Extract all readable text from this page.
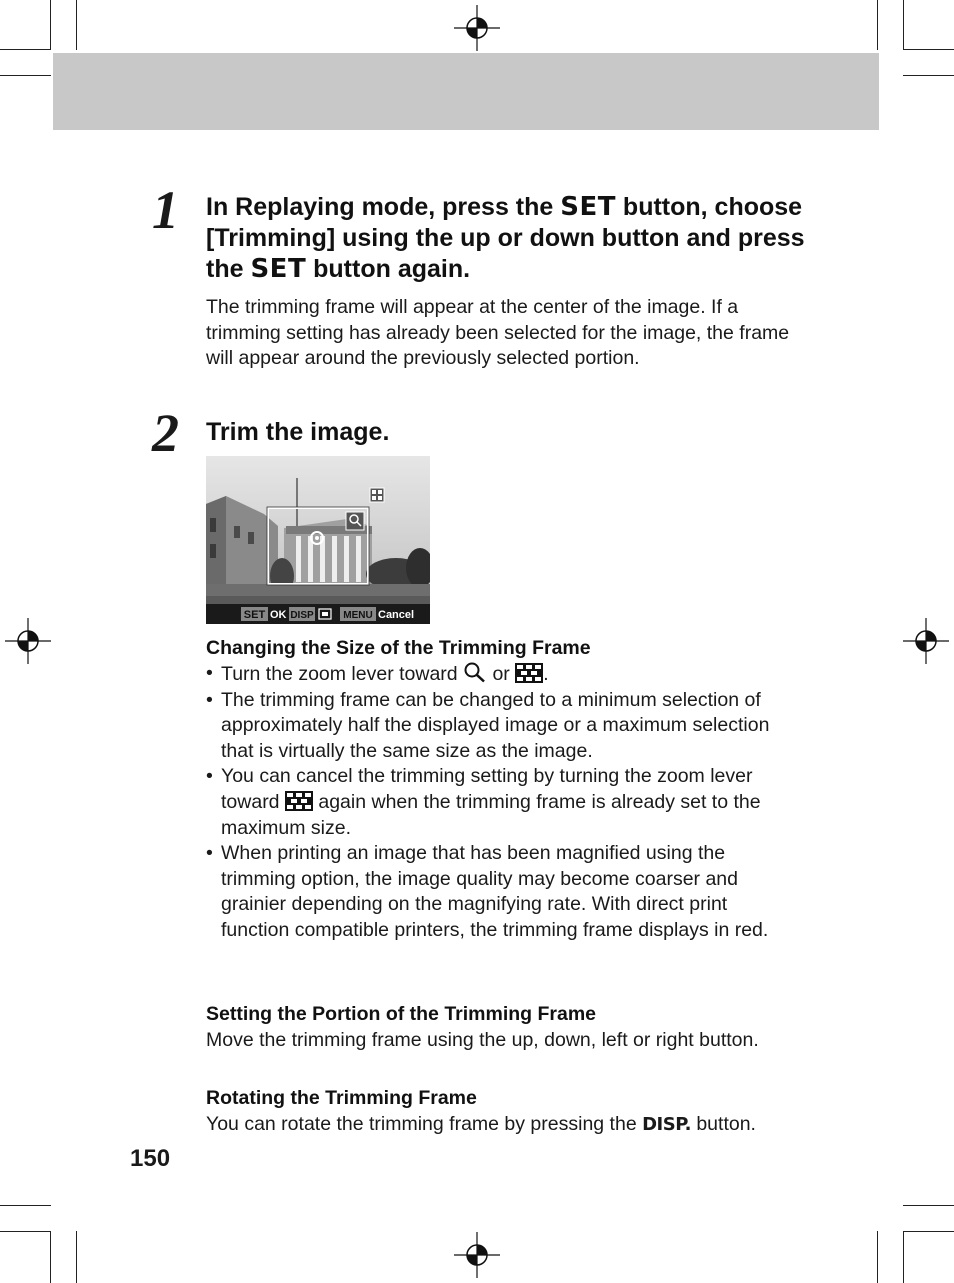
1 In Replaying mode, press the SET button, choose [Trimming] using the up or down button and press the SET button again.

The trimming frame will appear at the center of the image. If a trimming setting has already been selected for the image, the frame will appear around the previously selected portion.

2 Trim the image.
SET OK DISP	MENU Cancel
Changing the Size of the Trimming Frame
• Turn the zoom lever toward  or .
• The trimming frame can be changed to a minimum selection of approximately half the displayed image or a maximum selection that is virtually the same size as the image.
• You can cancel the trimming setting by turning the zoom lever toward  again when the trimming frame is already set to the maximum size.
• When printing an image that has been magnified using the trimming option, the image quality may become coarser and grainier depending on the magnifying rate. With direct print function compatible printers, the trimming frame displays in red.
Setting the Portion of the Trimming Frame

Move the trimming frame using the up, down, left or right button.

Rotating the Trimming Frame

You can rotate the trimming frame by pressing the DISP. button.

150
